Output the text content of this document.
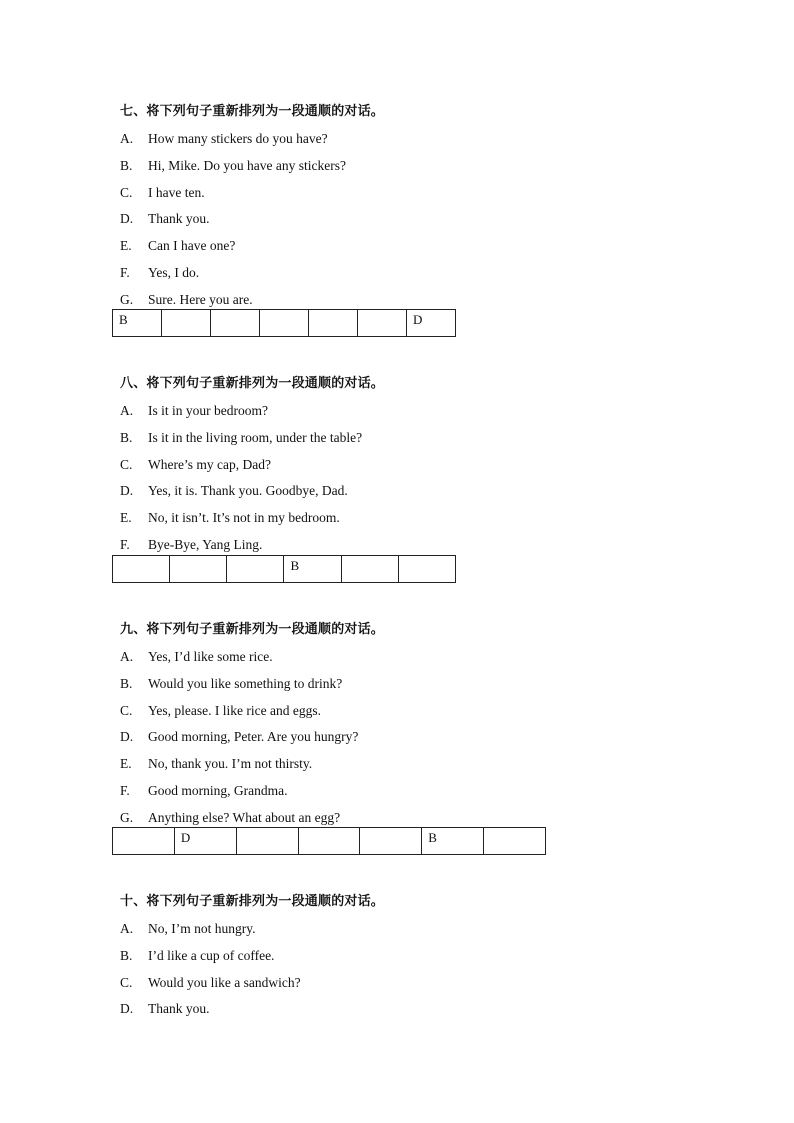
七、将下列句子重新排列为一段通顺的对话。
A. How many stickers do you have?
B. Hi, Mike. Do you have any stickers?
C. I have ten.
D. Thank you.
E. Can I have one?
F. Yes, I do.
G. Sure. Here you are.
B						D
八、将下列句子重新排列为一段通顺的对话。
A. Is it in your bedroom?
B. Is it in the living room, under the table?
C. Where’s my cap, Dad?
D. Yes, it is. Thank you. Goodbye, Dad.
E. No, it isn’t. It’s not in my bedroom.
F. Bye-Bye, Yang Ling.
			B		
九、将下列句子重新排列为一段通顺的对话。
A. Yes, I’d like some rice.
B. Would you like something to drink?
C. Yes, please. I like rice and eggs.
D. Good morning, Peter. Are you hungry?
E. No, thank you. I’m not thirsty.
F. Good morning, Grandma.
G. Anything else? What about an egg?
	D				B	
十、将下列句子重新排列为一段通顺的对话。
A. No, I’m not hungry.
B. I’d like a cup of coffee.
C. Would you like a sandwich?
D. Thank you.
